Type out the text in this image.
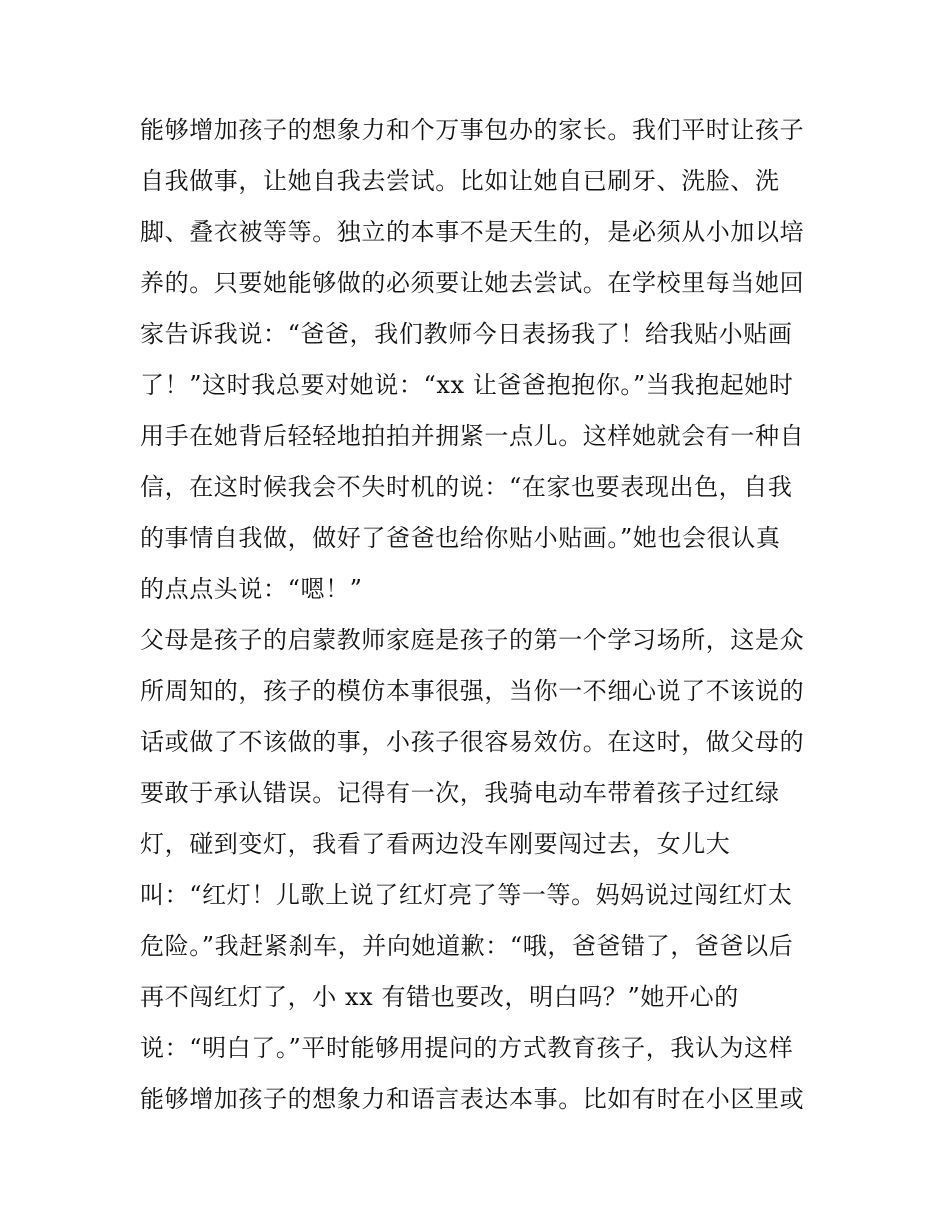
能够增加孩子的想象力和个万事包办的家长。我们平时让孩子
自我做事，让她自我去尝试。比如让她自已刷牙、洗脸、洗
脚、叠衣被等等。独立的本事不是天生的，是必须从小加以培
养的。只要她能够做的必须要让她去尝试。在学校里每当她回
家告诉我说：“爸爸，我们教师今日表扬我了！给我贴小贴画
了！”这时我总要对她说：“xx 让爸爸抱抱你。”当我抱起她时
用手在她背后轻轻地拍拍并拥紧一点儿。这样她就会有一种自
信，在这时候我会不失时机的说：“在家也要表现出色，自我
的事情自我做，做好了爸爸也给你贴小贴画。”她也会很认真
的点点头说：“嗯！”
父母是孩子的启蒙教师家庭是孩子的第一个学习场所，这是众
所周知的，孩子的模仿本事很强，当你一不细心说了不该说的
话或做了不该做的事，小孩子很容易效仿。在这时，做父母的
要敢于承认错误。记得有一次，我骑电动车带着孩子过红绿
灯，碰到变灯，我看了看两边没车刚要闯过去，女儿大
叫：“红灯！儿歌上说了红灯亮了等一等。妈妈说过闯红灯太
危险。”我赶紧刹车，并向她道歉：“哦，爸爸错了，爸爸以后
再不闯红灯了，小 xx 有错也要改，明白吗？”她开心的
说：“明白了。”平时能够用提问的方式教育孩子，我认为这样
能够增加孩子的想象力和语言表达本事。比如有时在小区里或
